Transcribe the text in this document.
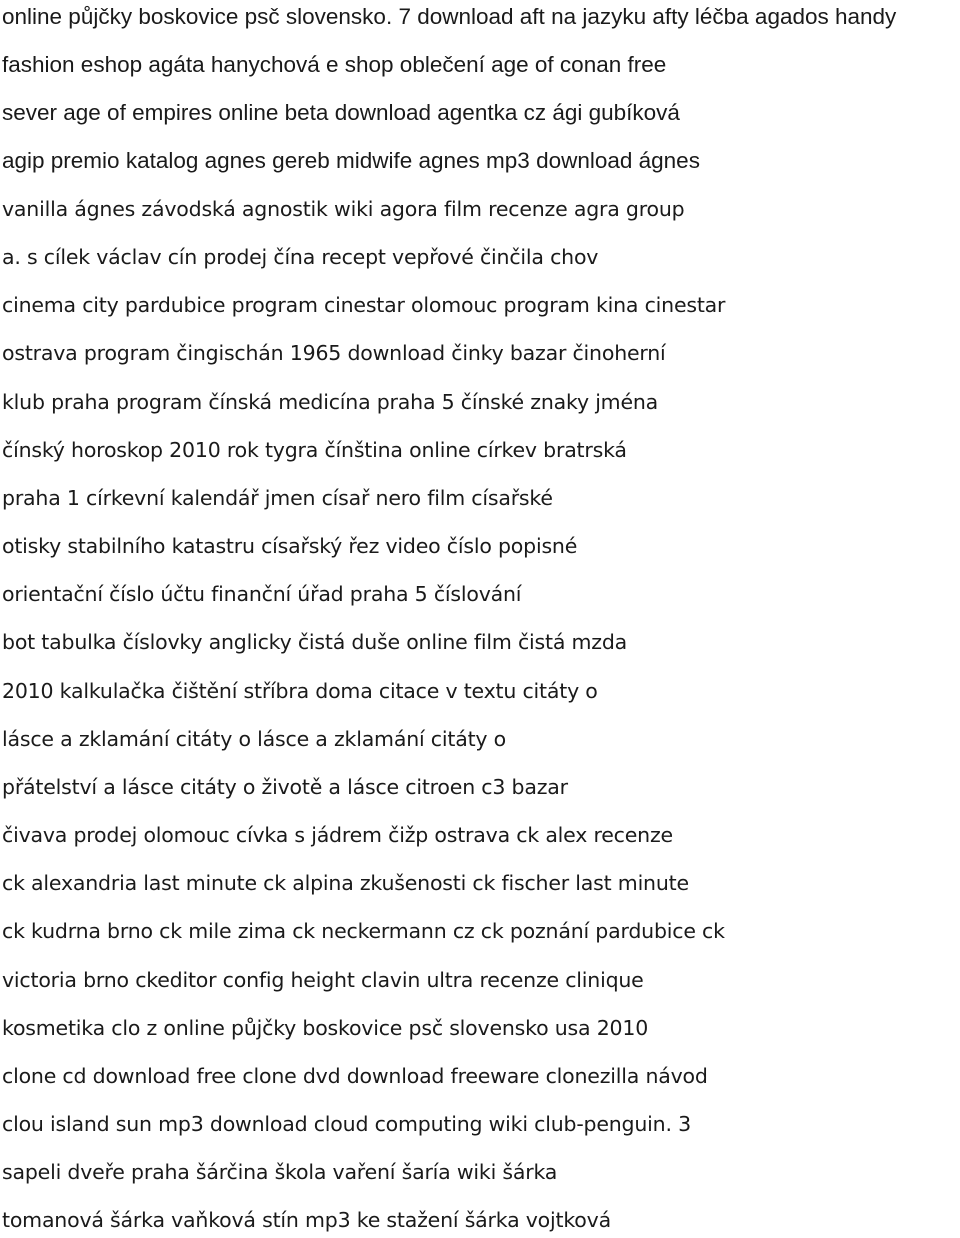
online půjčky boskovice psč slovensko. 7 download aft na jazyku afty léčba agados handy
fashion eshop agáta hanychová e shop oblečení age of conan free
sever age of empires online beta download agentka cz ági gubíková
agip premio katalog agnes gereb midwife agnes mp3 download ágnes
vanilla ágnes závodská agnostik wiki agora film recenze agra group
a. s cílek václav cín prodej čína recept vepřové činčila chov
cinema city pardubice program cinestar olomouc program kina cinestar
ostrava program čingischán 1965 download činky bazar činoherní
klub praha program čínská medicína praha 5 čínské znaky jména
čínský horoskop 2010 rok tygra čínština online církev bratrská
praha 1 církevní kalendář jmen císař nero film císařské
otisky stabilního katastru císařský řez video číslo popisné
orientační číslo účtu finanční úřad praha 5 číslování
bot tabulka číslovky anglicky čistá duše online film čistá mzda
2010 kalkulačka čištění stříbra doma citace v textu citáty o
lásce a zklamání citáty o lásce a zklamání citáty o
přátelství a lásce citáty o životě a lásce citroen c3 bazar
čivava prodej olomouc cívka s jádrem čižp ostrava ck alex recenze
ck alexandria last minute ck alpina zkušenosti ck fischer last minute
ck kudrna brno ck mile zima ck neckermann cz ck poznání pardubice ck
victoria brno ckeditor config height clavin ultra recenze clinique
kosmetika clo z online půjčky boskovice psč slovensko usa 2010
clone cd download free clone dvd download freeware clonezilla návod
clou island sun mp3 download cloud computing wiki club-penguin. 3
sapeli dveře praha šárčina škola vaření šaría wiki šárka
tomanová šárka vaňková stín mp3 ke stažení šárka vojtková
